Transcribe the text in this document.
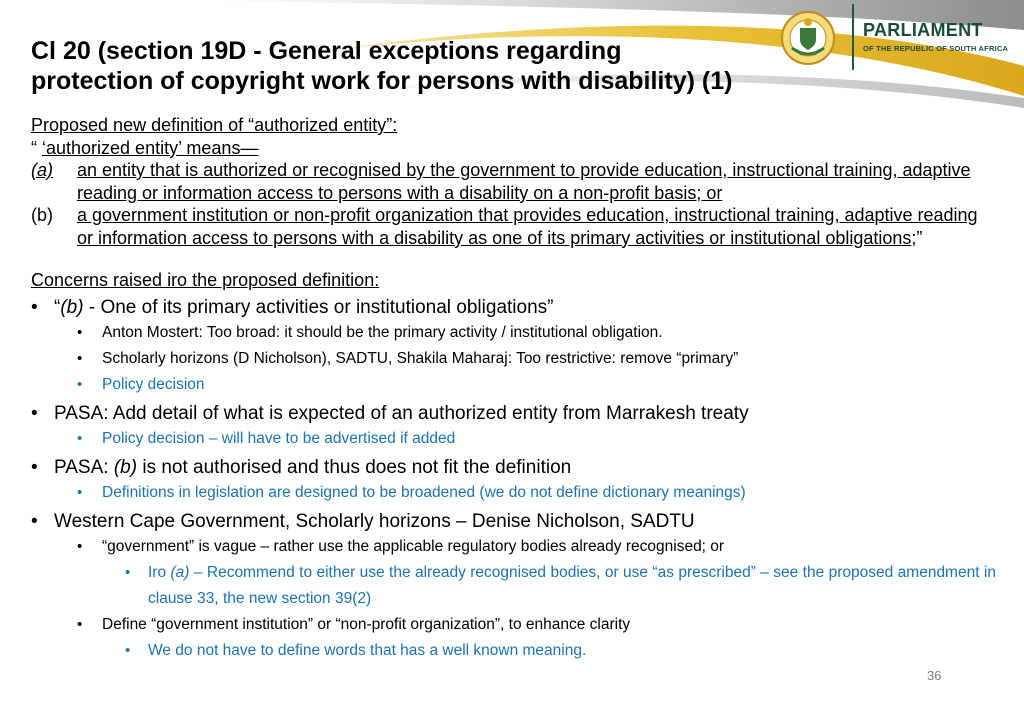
PARLIAMENT
OF THE REPUBLIC OF SOUTH AFRICA
Cl 20 (section 19D - General exceptions regarding
protection of copyright work for persons with disability) (1)
Proposed new definition of “authorized entity”:
“ ‘authorized entity’ means—
(a)	an entity that is authorized or recognised by the government to provide education, instructional training, adaptive reading or information access to persons with a disability on a non-profit basis; or
(b)	a government institution or non-profit organization that provides education, instructional training, adaptive reading or information access to persons with a disability as one of its primary activities or institutional obligations;”
Concerns raised iro the proposed definition:
• “(b) - One of its primary activities or institutional obligations”
• Anton Mostert: Too broad: it should be the primary activity / institutional obligation.
• Scholarly horizons (D Nicholson), SADTU, Shakila Maharaj: Too restrictive: remove “primary”
• Policy decision
• PASA: Add detail of what is expected of an authorized entity from Marrakesh treaty
• Policy decision – will have to be advertised if added
• PASA: (b) is not authorised and thus does not fit the definition
• Definitions in legislation are designed to be broadened (we do not define dictionary meanings)
• Western Cape Government, Scholarly horizons – Denise Nicholson, SADTU
• “government” is vague – rather use the applicable regulatory bodies already recognised; or
• Iro (a) – Recommend to either use the already recognised bodies, or use “as prescribed” – see the proposed amendment in clause 33, the new section 39(2)
• Define “government institution” or “non-profit organization”, to enhance clarity
• We do not have to define words that has a well known meaning.
36
